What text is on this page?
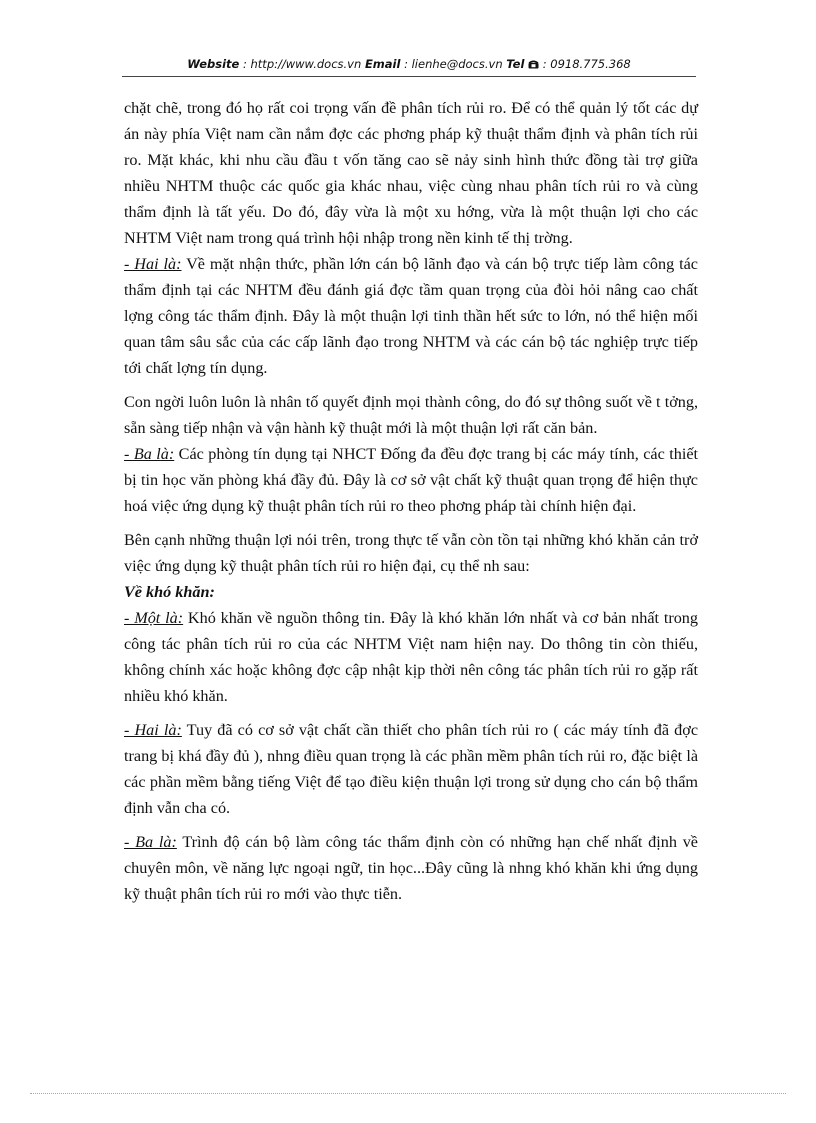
Website : http://www.docs.vn Email : lienhe@docs.vn Tel : 0918.775.368

chặt chẽ, trong đó họ rất coi trọng vấn đề phân tích rủi ro. Để có thể quản lý tốt các dự án này phía Việt nam cần nắm đợc các phơng pháp kỹ thuật thẩm định và phân tích rủi ro. Mặt khác, khi nhu cầu đầu t vốn tăng cao sẽ nảy sinh hình thức đồng tài trợ giữa nhiều NHTM thuộc các quốc gia khác nhau, việc cùng nhau phân tích rủi ro và cùng thẩm định là tất yếu. Do đó, đây vừa là một xu hớng, vừa là một thuận lợi cho các NHTM Việt nam trong quá trình hội nhập trong nền kinh tế thị trờng.

- Hai là: Về mặt nhận thức, phần lớn cán bộ lãnh đạo và cán bộ trực tiếp làm công tác thẩm định tại các NHTM đều đánh giá đợc tầm quan trọng của đòi hỏi nâng cao chất lợng công tác thẩm định. Đây là một thuận lợi tinh thần hết sức to lớn, nó thể hiện mối quan tâm sâu sắc của các cấp lãnh đạo trong NHTM và các cán bộ tác nghiệp trực tiếp tới chất lợng tín dụng.

Con ngời luôn luôn là nhân tố quyết định mọi thành công, do đó sự thông suốt về t tởng, sẵn sàng tiếp nhận và vận hành kỹ thuật mới là một thuận lợi rất căn bản.

- Ba là: Các phòng tín dụng tại NHCT Đống đa đều đợc trang bị các máy tính, các thiết bị tin học văn phòng khá đầy đủ. Đây là cơ sở vật chất kỹ thuật quan trọng để hiện thực hoá việc ứng dụng kỹ thuật phân tích rủi ro theo phơng pháp tài chính hiện đại.

Bên cạnh những thuận lợi nói trên, trong thực tế vẫn còn tồn tại những khó khăn cản trở việc ứng dụng kỹ thuật phân tích rủi ro hiện đại, cụ thể nh sau:

Về khó khăn:

- Một là: Khó khăn về nguồn thông tin. Đây là khó khăn lớn nhất và cơ bản nhất trong công tác phân tích rủi ro của các NHTM Việt nam hiện nay. Do thông tin còn thiếu, không chính xác hoặc không đợc cập nhật kịp thời nên công tác phân tích rủi ro gặp rất nhiều khó khăn.

- Hai là: Tuy đã có cơ sở vật chất cần thiết cho phân tích rủi ro ( các máy tính đã đợc trang bị khá đầy đủ ), nhng điều quan trọng là các phần mềm phân tích rủi ro, đặc biệt là các phần mềm bằng tiếng Việt để tạo điều kiện thuận lợi trong sử dụng cho cán bộ thẩm định vẫn cha có.

- Ba là: Trình độ cán bộ làm công tác thẩm định còn có những hạn chế nhất định về chuyên môn, về năng lực ngoại ngữ, tin học...Đây cũng là nhng khó khăn khi ứng dụng kỹ thuật phân tích rủi ro mới vào thực tiễn.
